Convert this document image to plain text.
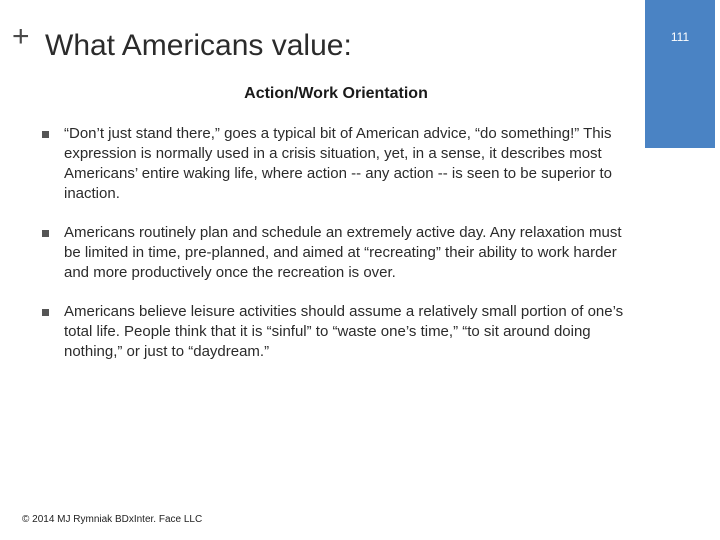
+ What Americans value:	111
Action/Work Orientation
“Don’t just stand there,” goes a typical bit of American advice, “do something!” This expression is normally used in a crisis situation, yet, in a sense, it describes most Americans’ entire waking life, where action -- any action -- is seen to be superior to inaction.
Americans routinely plan and schedule an extremely active day. Any relaxation must be limited in time, pre-planned, and aimed at “recreating” their ability to work harder and more productively once the recreation is over.
Americans believe leisure activities should assume a relatively small portion of one’s total life. People think that it is “sinful” to “waste one’s time,” “to sit around doing nothing,” or just to “daydream.”
© 2014 MJ Rymniak BDxInter. Face LLC
